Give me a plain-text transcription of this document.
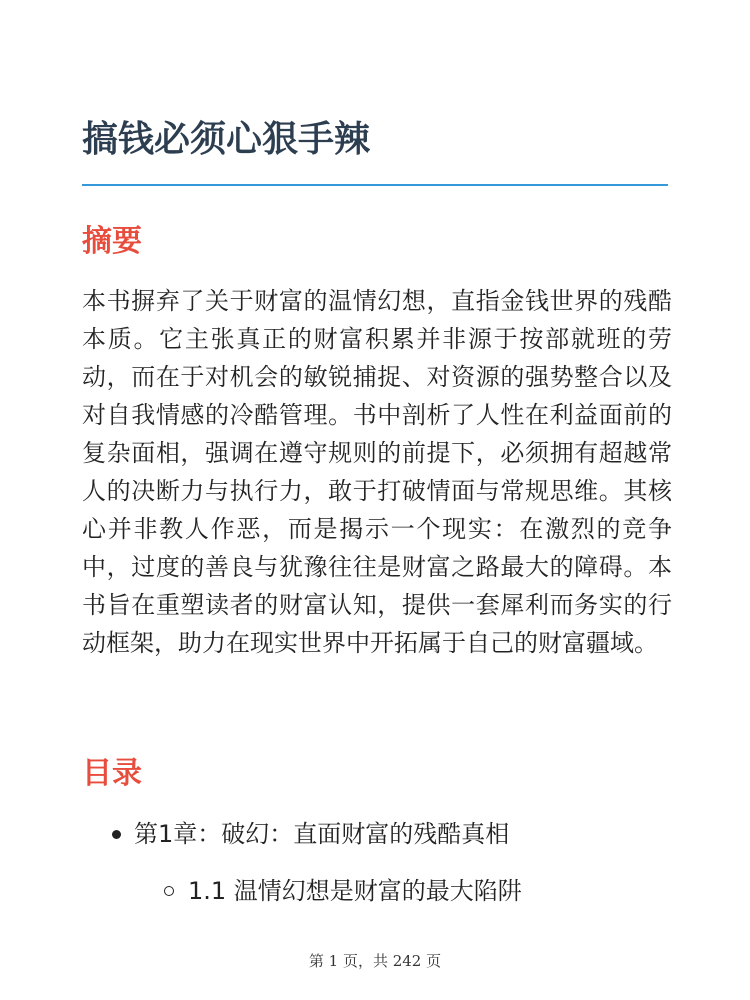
搞钱必须心狠手辣
摘要

本书摒弃了关于财富的温情幻想，直指金钱世界的残酷本质。它主张真正的财富积累并非源于按部就班的劳动，而在于对机会的敏锐捕捉、对资源的强势整合以及对自我情感的冷酷管理。书中剖析了人性在利益面前的复杂面相，强调在遵守规则的前提下，必须拥有超越常人的决断力与执行力，敢于打破情面与常规思维。其核心并非教人作恶，而是揭示一个现实：在激烈的竞争中，过度的善良与犹豫往往是财富之路最大的障碍。本书旨在重塑读者的财富认知，提供一套犀利而务实的行动框架，助力在现实世界中开拓属于自己的财富疆域。

目录
第1章：破幻：直面财富的残酷真相
1.1 温情幻想是财富的最大陷阱
第 1 页，共 242 页
